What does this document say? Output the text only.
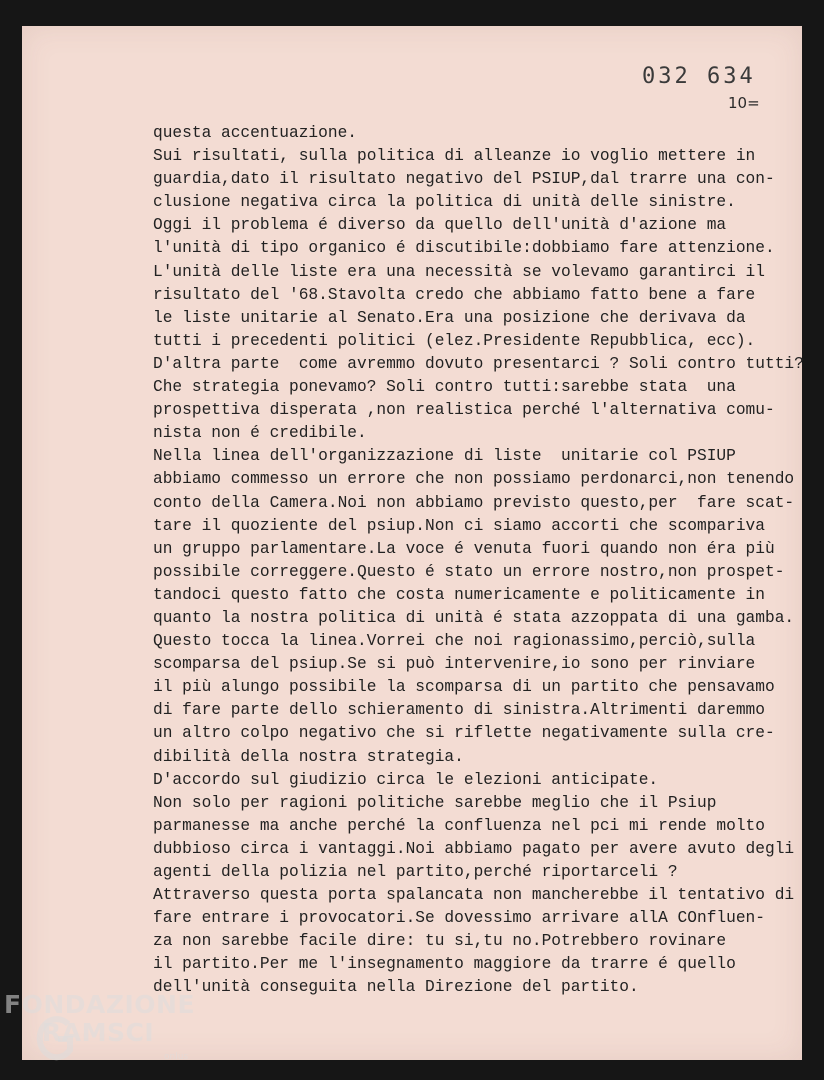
032 634
10=
questa accentuazione.
Sui risultati, sulla politica di alleanze io voglio mettere in
guardia,dato il risultato negativo del PSIUP,dal trarre una con-
clusione negativa circa la politica di unità delle sinistre.
Oggi il problema é diverso da quello dell'unità d'azione ma
l'unità di tipo organico é discutibile:dobbiamo fare attenzione.
L'unità delle liste era una necessità se volevamo garantirci il
risultato del '68.Stavolta credo che abbiamo fatto bene a fare
le liste unitarie al Senato.Era una posizione che derivava da
tutti i precedenti politici (elez.Presidente Repubblica, ecc).
D'altra parte  come avremmo dovuto presentarci ? Soli contro tutti?
Che strategia ponevamo? Soli contro tutti:sarebbe stata  una
prospettiva disperata ,non realistica perché l'alternativa comu-
nista non é credibile.
Nella linea dell'organizzazione di liste  unitarie col PSIUP
abbiamo commesso un errore che non possiamo perdonarci,non tenendo
conto della Camera.Noi non abbiamo previsto questo,per  fare scat-
tare il quoziente del psiup.Non ci siamo accorti che scompariva
un gruppo parlamentare.La voce é venuta fuori quando non éra più
possibile correggere.Questo é stato un errore nostro,non prospet-
tandoci questo fatto che costa numericamente e politicamente in
quanto la nostra politica di unità é stata azzoppata di una gamba.
Questo tocca la linea.Vorrei che noi ragionassimo,perciò,sulla
scomparsa del psiup.Se si può intervenire,io sono per rinviare
il più alungo possibile la scomparsa di un partito che pensavamo
di fare parte dello schieramento di sinistra.Altrimenti daremmo
un altro colpo negativo che si riflette negativamente sulla cre-
dibilità della nostra strategia.
D'accordo sul giudizio circa le elezioni anticipate.
Non solo per ragioni politiche sarebbe meglio che il Psiup
parmanesse ma anche perché la confluenza nel pci mi rende molto
dubbioso circa i vantaggi.Noi abbiamo pagato per avere avuto degli
agenti della polizia nel partito,perché riportarceli ?
Attraverso questa porta spalancata non mancherebbe il tentativo di
fare entrare i provocatori.Se dovessimo arrivare allA COnfluen-
za non sarebbe facile dire: tu si,tu no.Potrebbero rovinare
il partito.Per me l'insegnamento maggiore da trarre é quello
dell'unità conseguita nella Direzione del partito.
FONDAZIONE
RAMSCI
onlus
